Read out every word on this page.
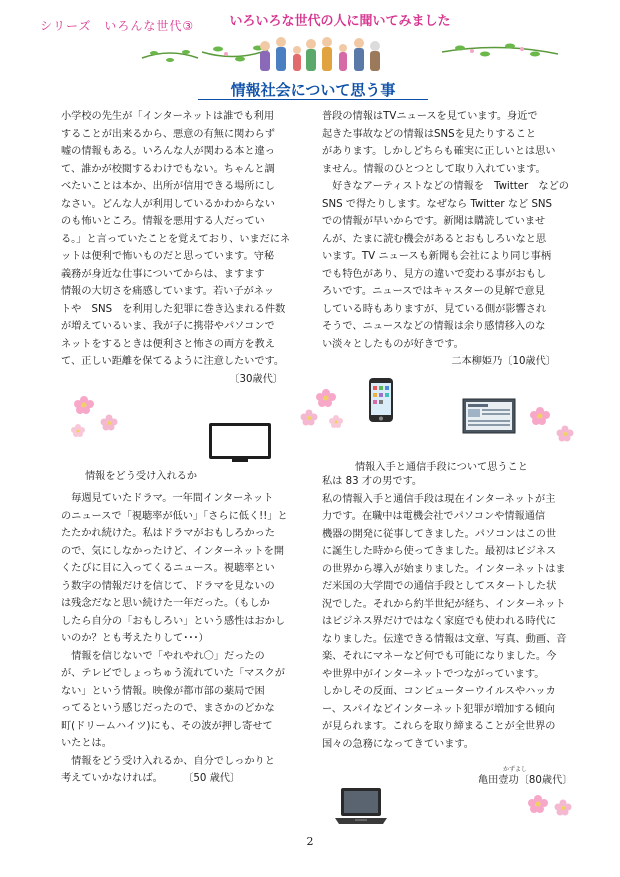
シリーズ　いろんな世代③	いろいろな世代の人に聞いてみました
情報社会について思う事

小学校の先生が「インターネットは誰でも利用

することが出来るから、悪意の有無に関わらず

嘘の情報もある。いろんな人が関わる本と違っ

て、誰かが校閲するわけでもない。ちゃんと調

べたいことは本か、出所が信用できる場所にし

なさい。どんな人が利用しているかわからない

のも怖いところ。情報を悪用する人だってい

る。」と言っていたことを覚えており、いまだにネ

ットは便利で怖いものだと思っています。守秘

義務が身近な仕事についてからは、ますます

情報の大切さを痛感しています。若い子がネッ

トや　SNS　を利用した犯罪に巻き込まれる件数

が増えているいま、我が子に携帯やパソコンで

ネットをするときは便利さと怖さの両方を教え

て、正しい距離を保てるように注意したいです。

〔30歳代〕

普段の情報はTVニュースを見ています。身近で

起きた事故などの情報はSNSを見たりすること

があります。しかしどちらも確実に正しいとは思い

ません。情報のひとつとして取り入れています。

　好きなアーティストなどの情報を　Twitter　などの

SNS で得たりします。なぜなら Twitter など SNS

での情報が早いからです。新聞は購読していませ

んが、たまに読む機会があるとおもしろいなと思

います。TV ニュースも新聞も会社により同じ事柄

でも特色があり、見方の違いで変わる事がおもし

ろいです。ニュースではキャスターの見解で意見

している時もありますが、見ている側が影響され

そうで、ニュースなどの情報は余り感情移入のな

い淡々としたものが好きです。

二本柳姫乃〔10歳代〕

情報をどう受け入れるか

　毎週見ていたドラマ。一年間インターネット

のニュースで「視聴率が低い」「さらに低く!!」と

たたかれ続けた。私はドラマがおもしろかった

ので、気にしなかったけど、インターネットを開

くたびに目に入ってくるニュース。視聴率とい

う数字の情報だけを信じて、ドラマを見ないの

は残念だなと思い続けた一年だった。（もしか

したら自分の「おもしろい」という感性はおかし

いのか？とも考えたりして･･･）

　情報を信じないで「やれやれ〇」だったの

が、テレビでしょっちゅう流れていた「マスクが

ない」という情報。映像が都市部の薬局で困

ってるという感じだったので、まさかのどかな

町(ドリームハイツ)にも、その波が押し寄せて

いたとは。

　情報をどう受け入れるか、自分でしっかりと

考えていかなければ。　　　〔50 歳代〕

情報入手と通信手段について思うこと

私は 83 才の男です。

私の情報入手と通信手段は現在インターネットが主

力です。在職中は電機会社でパソコンや情報通信

機器の開発に従事してきました。パソコンはこの世

に誕生した時から使ってきました。最初はビジネス

の世界から導入が始まりました。インターネットはま

だ米国の大学間での通信手段としてスタートした状

況でした。それから約半世紀が経ち、インターネット

はビジネス界だけではなく家庭でも使われる時代に

なりました。伝達できる情報は文章、写真、動画、音

楽、それにマネーなど何でも可能になりました。今

や世界中がインターネットでつながっています。

しかしその反面、コンピューターウイルスやハッカ

ー、スパイなどインターネット犯罪が増加する傾向

が見られます。これらを取り締まることが全世界の

国々の急務になってきています。

かずよし
亀田壹功〔80歳代〕
2
